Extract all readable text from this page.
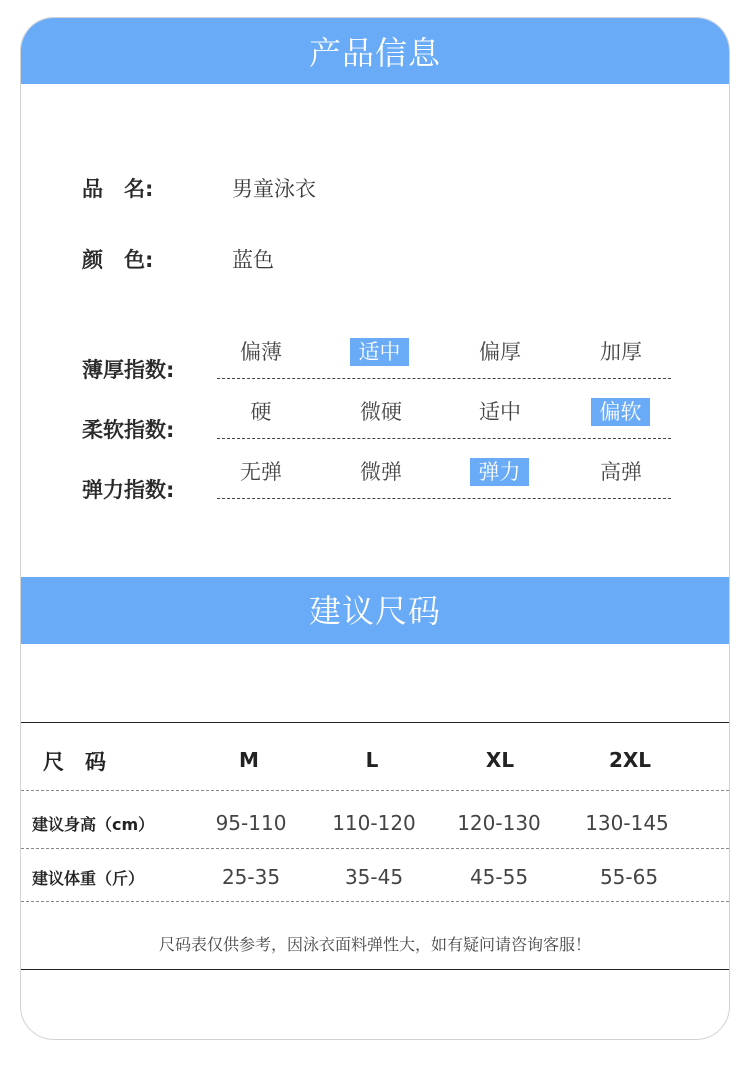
产品信息
品　名:	男童泳衣
颜　色:	蓝色
薄厚指数:
偏薄	适中	偏厚	加厚
柔软指数:
硬	微硬	适中	偏软
弹力指数:
无弹	微弹	弹力	高弹
建议尺码
尺　码	M	L	XL	2XL
建议身高（cm）	95-110	110-120	120-130	130-145
建议体重（斤）	25-35	35-45	45-55	55-65
尺码表仅供参考，因泳衣面料弹性大，如有疑问请咨询客服！
